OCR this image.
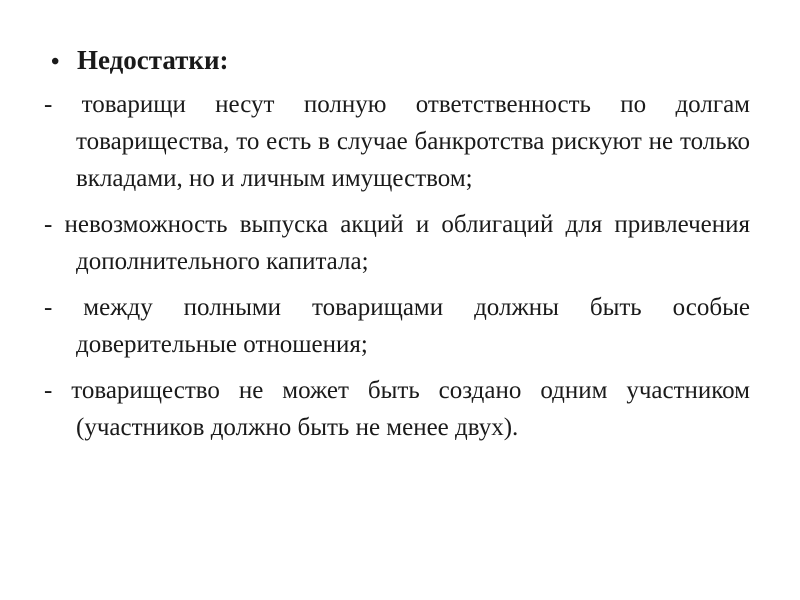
• Недостатки:
- товарищи несут полную ответственность по долгам товарищества, то есть в случае банкротства рискуют не только вкладами, но и личным имуществом;
- невозможность выпуска акций и облигаций для привлечения дополнительного капитала;
- между полными товарищами должны быть особые доверительные отношения;
- товарищество не может быть создано одним участником (участников должно быть не менее двух).
